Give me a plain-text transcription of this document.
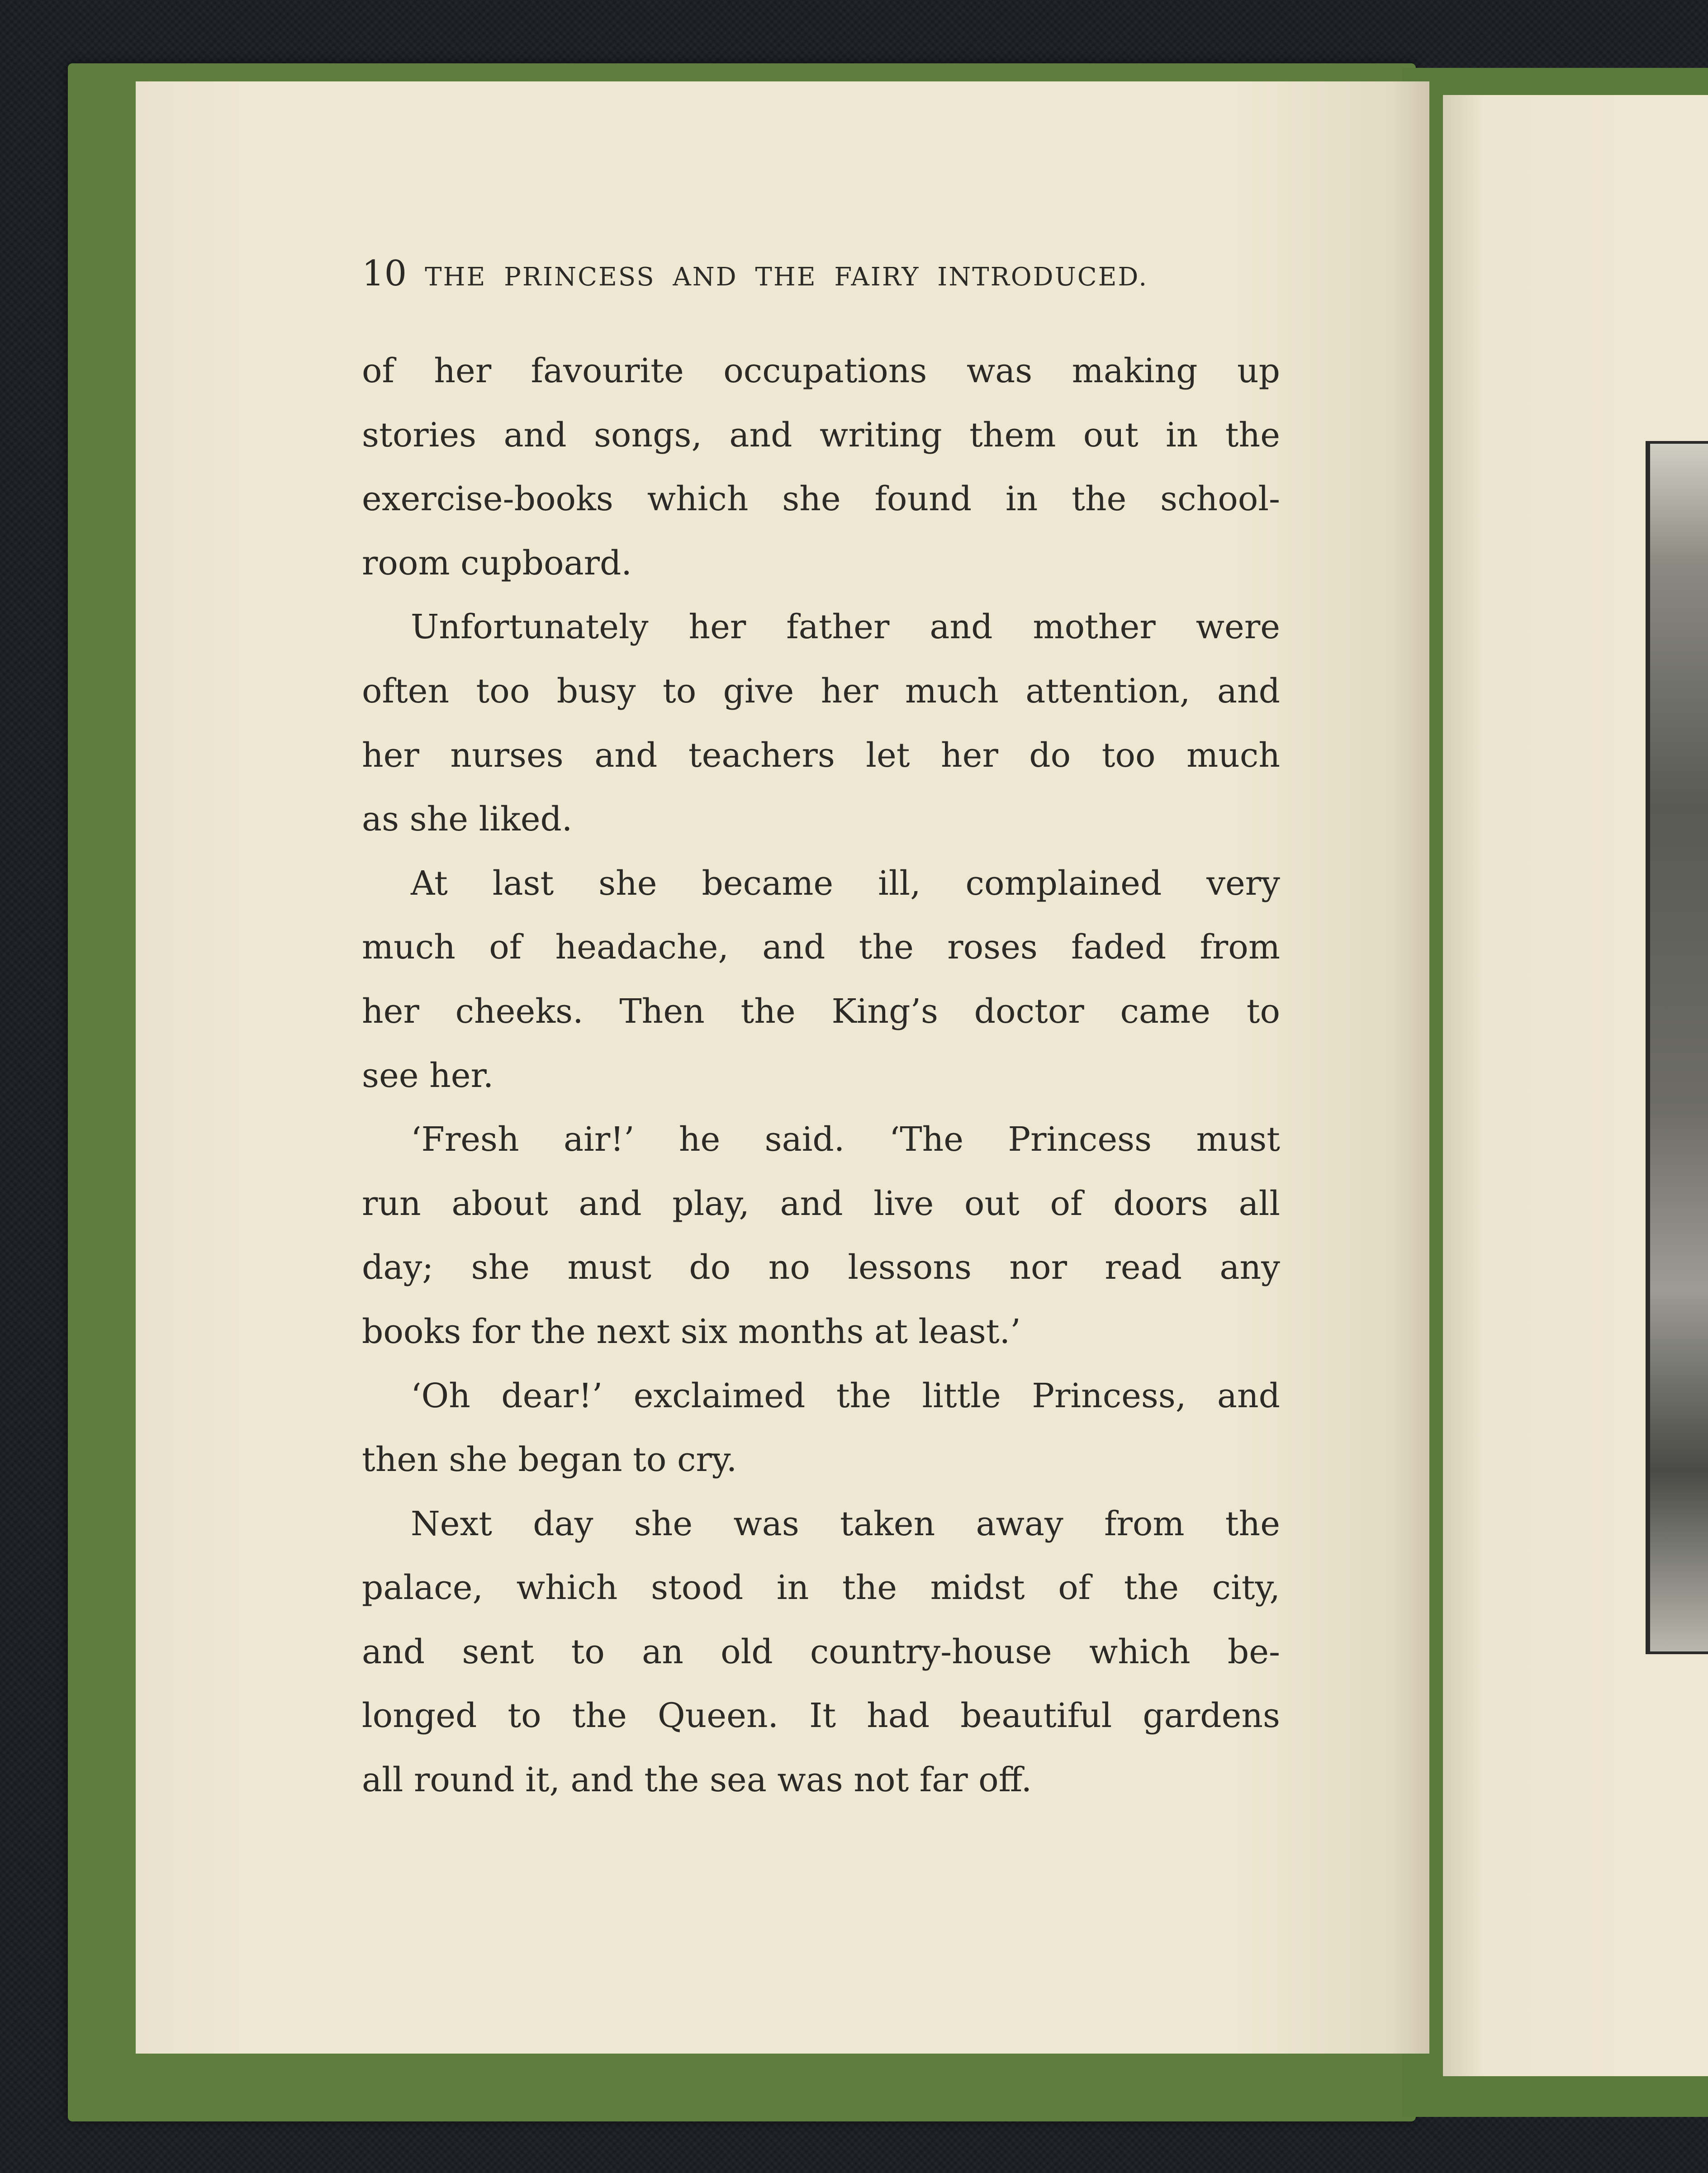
10 THE PRINCESS AND THE FAIRY INTRODUCED.
of her favourite occupations was making up
stories and songs, and writing them out in the
exercise-books which she found in the school-
room cupboard.
Unfortunately her father and mother were
often too busy to give her much attention, and
her nurses and teachers let her do too much
as she liked.
At last she became ill, complained very
much of headache, and the roses faded from
her cheeks. Then the King’s doctor came to
see her.
‘Fresh air!’ he said. ‘The Princess must
run about and play, and live out of doors all
day; she must do no lessons nor read any
books for the next six months at least.’
‘Oh dear!’ exclaimed the little Princess, and
then she began to cry.
Next day she was taken away from the
palace, which stood in the midst of the city,
and sent to an old country-house which be-
longed to the Queen. It had beautiful gardens
all round it, and the sea was not far off.
